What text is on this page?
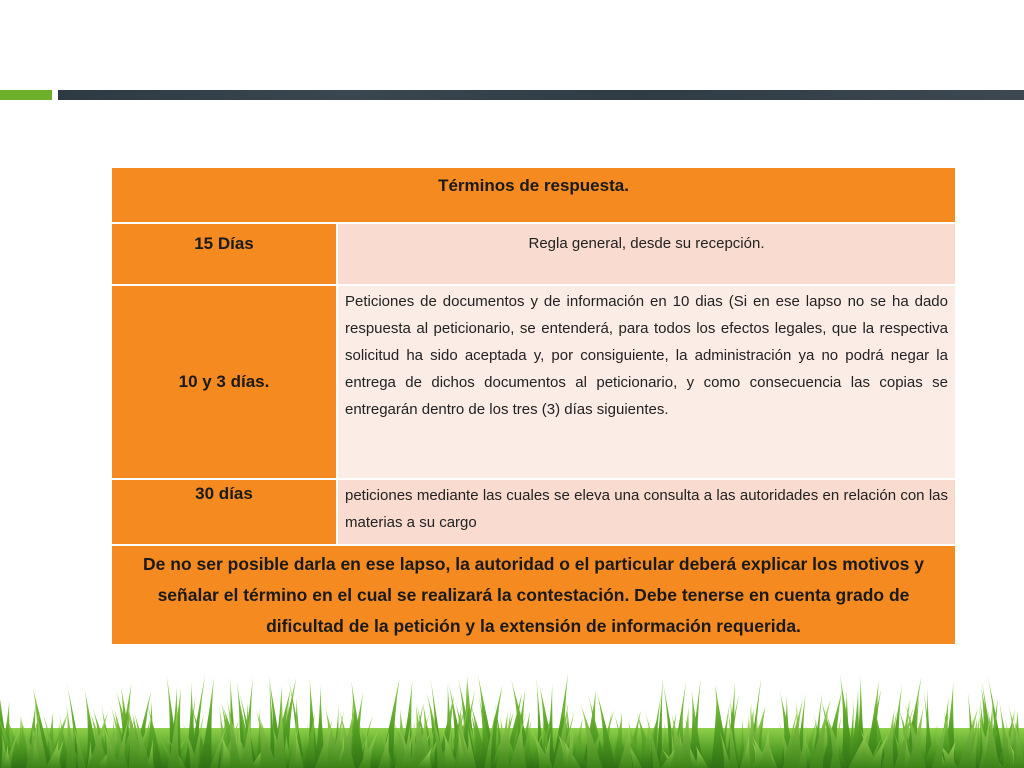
Términos de respuesta.	
15 Días	Regla general, desde su recepción.
10 y 3 días.	Peticiones de documentos y de información en 10 dias (Si en ese lapso no se ha dado respuesta al peticionario, se entenderá, para todos los efectos legales, que la respectiva solicitud ha sido aceptada y, por consiguiente, la administración ya no podrá negar la entrega de dichos documentos al peticionario, y como consecuencia las copias se entregarán dentro de los tres (3) días siguientes.
30 días	peticiones mediante las cuales se eleva una consulta a las autoridades en relación con las materias a su cargo
De no ser posible darla en ese lapso, la autoridad o el particular deberá explicar los motivos y señalar el término en el cual se realizará la contestación. Debe tenerse en cuenta grado de dificultad de la petición y la extensión de información requerida.	
